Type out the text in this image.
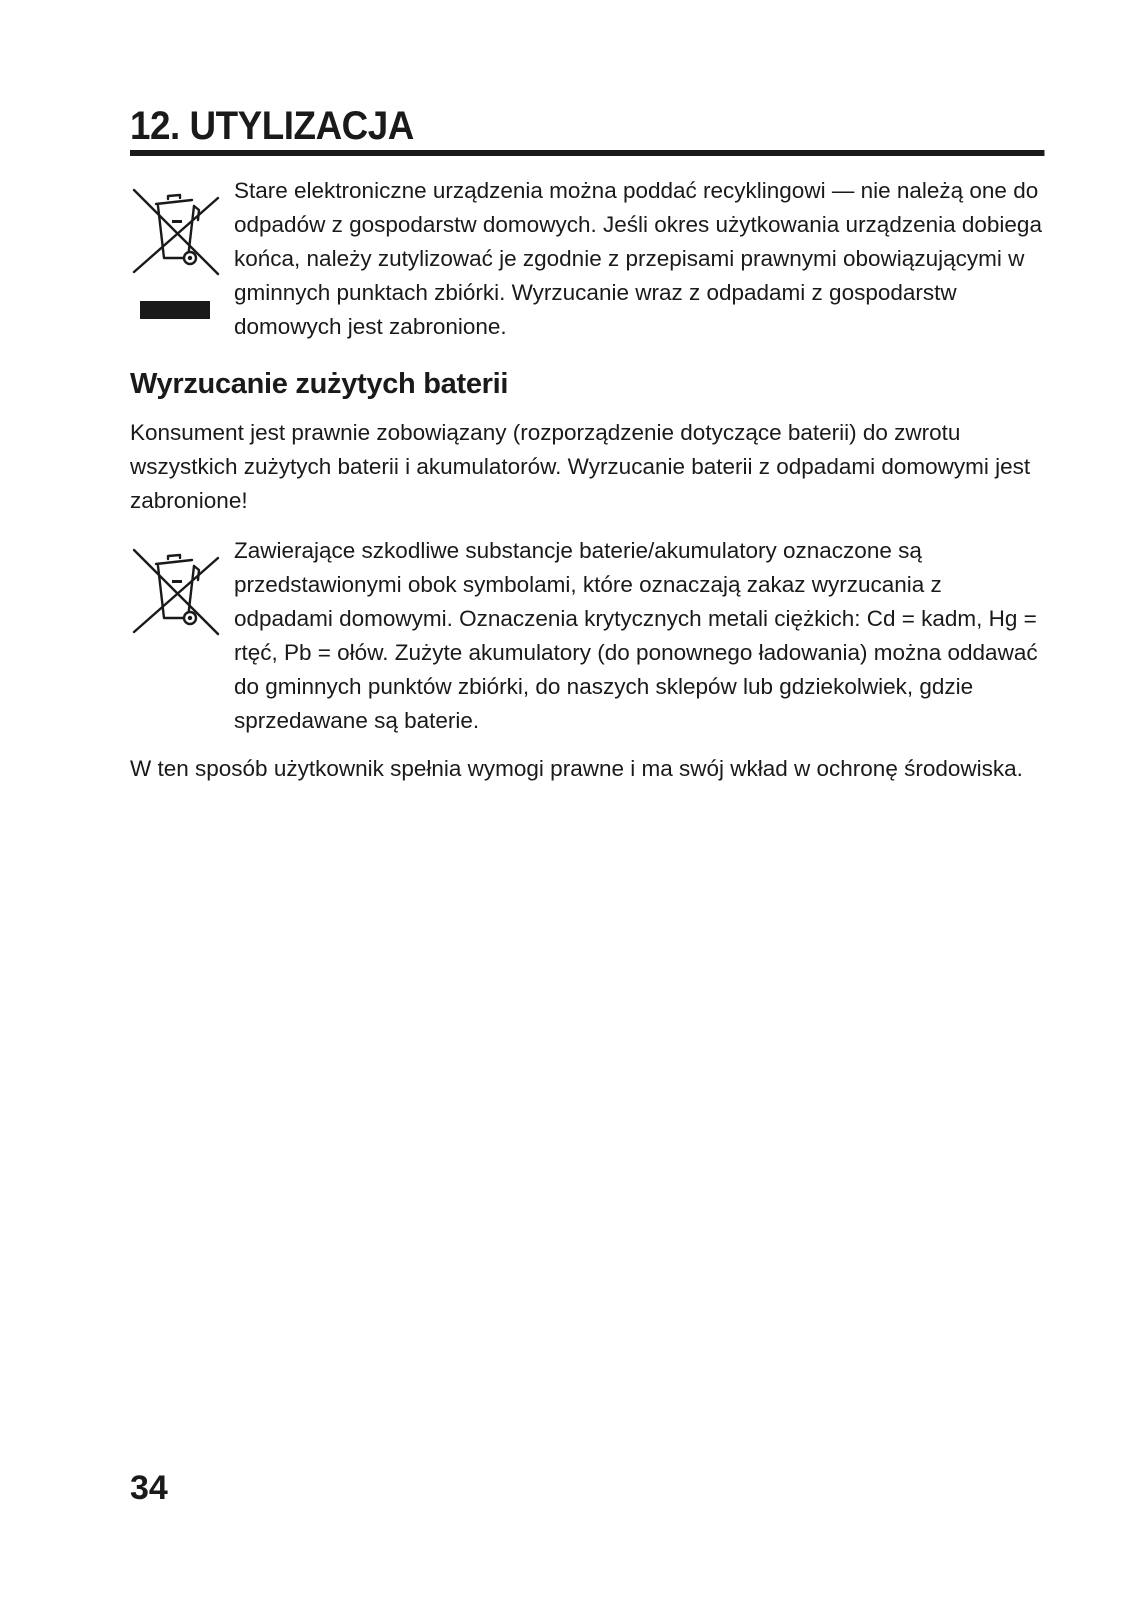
12. UTYLIZACJA

Stare elektroniczne urządzenia można poddać recyklingowi — nie należą one do odpadów z gospodarstw domowych. Jeśli okres użytkowania urządzenia dobiega końca, należy zutylizować je zgodnie z przepisami prawnymi obowiązującymi w gminnych punktach zbiórki. Wyrzucanie wraz z odpadami z gospodarstw domowych jest zabronione.

Wyrzucanie zużytych baterii

Konsument jest prawnie zobowiązany (rozporządzenie dotyczące baterii) do zwrotu wszystkich zużytych baterii i akumulatorów. Wyrzucanie baterii z odpadami domowymi jest zabronione!

Zawierające szkodliwe substancje baterie/akumulatory oznaczone są przedstawionymi obok symbolami, które oznaczają zakaz wyrzucania z odpadami domowymi. Oznaczenia krytycznych metali ciężkich: Cd = kadm, Hg = rtęć, Pb = ołów. Zużyte akumulatory (do ponownego ładowania) można oddawać do gminnych punktów zbiórki, do naszych sklepów lub gdziekolwiek, gdzie sprzedawane są baterie.

W ten sposób użytkownik spełnia wymogi prawne i ma swój wkład w ochronę środowiska.

34
